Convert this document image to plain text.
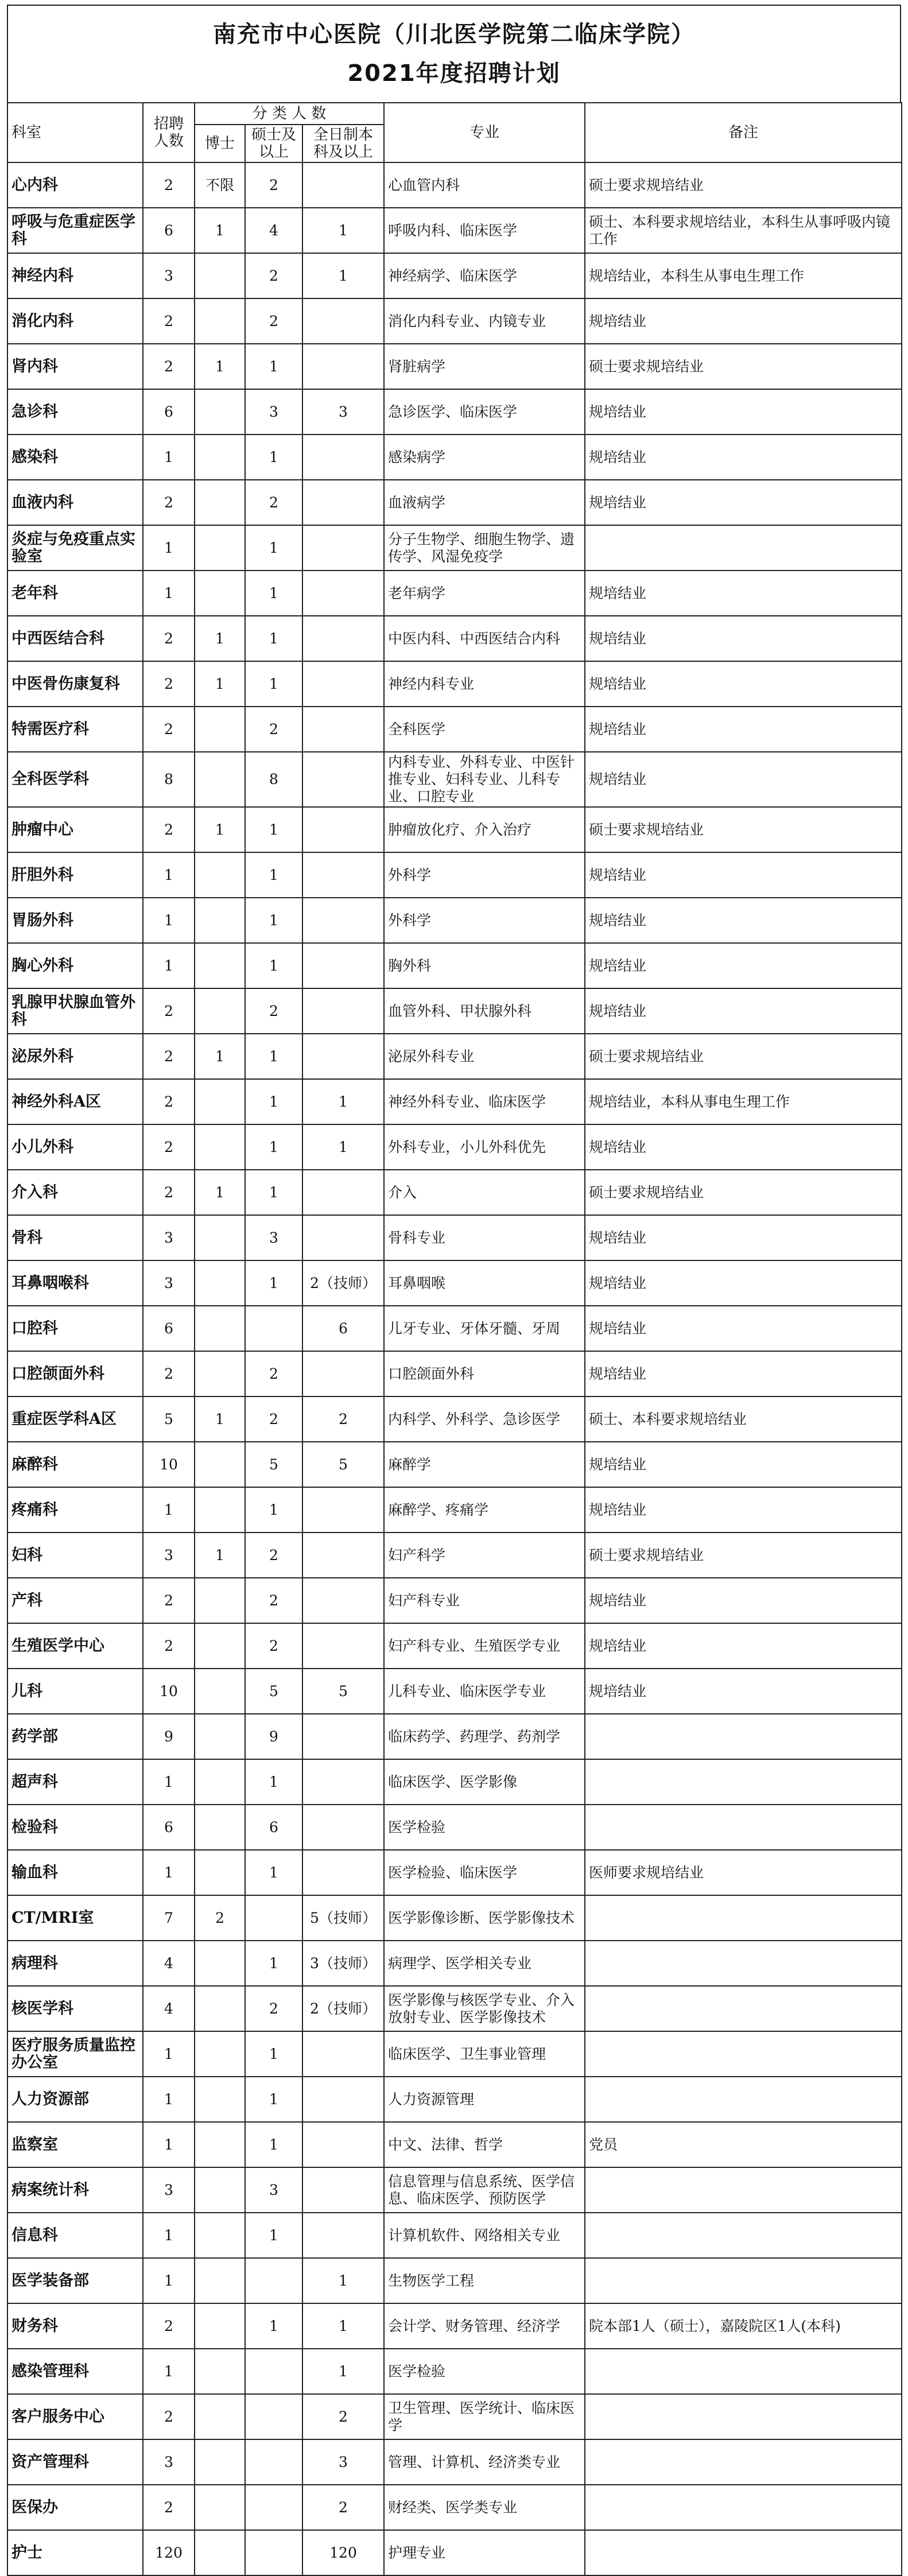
南充市中心医院（川北医学院第二临床学院）
2021年度招聘计划
科室	招聘人数	分 类 人 数			专业	备注
		博士	硕士及以上	全日制本科及以上		
心内科	2	不限	2		心血管内科	硕士要求规培结业
呼吸与危重症医学科	6	1	4	1	呼吸内科、临床医学	硕士、本科要求规培结业，本科生从事呼吸内镜工作
神经内科	3		2	1	神经病学、临床医学	规培结业，本科生从事电生理工作
消化内科	2		2		消化内科专业、内镜专业	规培结业
肾内科	2	1	1		肾脏病学	硕士要求规培结业
急诊科	6		3	3	急诊医学、临床医学	规培结业
感染科	1		1		感染病学	规培结业
血液内科	2		2		血液病学	规培结业
炎症与免疫重点实验室	1		1		分子生物学、细胞生物学、遗传学、风湿免疫学	
老年科	1		1		老年病学	规培结业
中西医结合科	2	1	1		中医内科、中西医结合内科	规培结业
中医骨伤康复科	2	1	1		神经内科专业	规培结业
特需医疗科	2		2		全科医学	规培结业
全科医学科	8		8		内科专业、外科专业、中医针推专业、妇科专业、儿科专业、口腔专业	规培结业
肿瘤中心	2	1	1		肿瘤放化疗、介入治疗	硕士要求规培结业
肝胆外科	1		1		外科学	规培结业
胃肠外科	1		1		外科学	规培结业
胸心外科	1		1		胸外科	规培结业
乳腺甲状腺血管外科	2		2		血管外科、甲状腺外科	规培结业
泌尿外科	2	1	1		泌尿外科专业	硕士要求规培结业
神经外科A区	2		1	1	神经外科专业、临床医学	规培结业，本科从事电生理工作
小儿外科	2		1	1	外科专业，小儿外科优先	规培结业
介入科	2	1	1		介入	硕士要求规培结业
骨科	3		3		骨科专业	规培结业
耳鼻咽喉科	3		1	2（技师）	耳鼻咽喉	规培结业
口腔科	6			6	儿牙专业、牙体牙髓、牙周	规培结业
口腔颌面外科	2		2		口腔颌面外科	规培结业
重症医学科A区	5	1	2	2	内科学、外科学、急诊医学	硕士、本科要求规培结业
麻醉科	10		5	5	麻醉学	规培结业
疼痛科	1		1		麻醉学、疼痛学	规培结业
妇科	3	1	2		妇产科学	硕士要求规培结业
产科	2		2		妇产科专业	规培结业
生殖医学中心	2		2		妇产科专业、生殖医学专业	规培结业
儿科	10		5	5	儿科专业、临床医学专业	规培结业
药学部	9		9		临床药学、药理学、药剂学	
超声科	1		1		临床医学、医学影像	
检验科	6		6		医学检验	
输血科	1		1		医学检验、临床医学	医师要求规培结业
CT/MRI室	7	2		5（技师）	医学影像诊断、医学影像技术	
病理科	4		1	3（技师）	病理学、医学相关专业	
核医学科	4		2	2（技师）	医学影像与核医学专业、介入放射专业、医学影像技术	
医疗服务质量监控办公室	1		1		临床医学、卫生事业管理	
人力资源部	1		1		人力资源管理	
监察室	1		1		中文、法律、哲学	党员
病案统计科	3		3		信息管理与信息系统、医学信息、临床医学、预防医学	
信息科	1		1		计算机软件、网络相关专业	
医学装备部	1			1	生物医学工程	
财务科	2		1	1	会计学、财务管理、经济学	院本部1人（硕士），嘉陵院区1人(本科)
感染管理科	1			1	医学检验	
客户服务中心	2			2	卫生管理、医学统计、临床医学	
资产管理科	3			3	管理、计算机、经济类专业	
医保办	2			2	财经类、医学类专业	
护士	120			120	护理专业	
